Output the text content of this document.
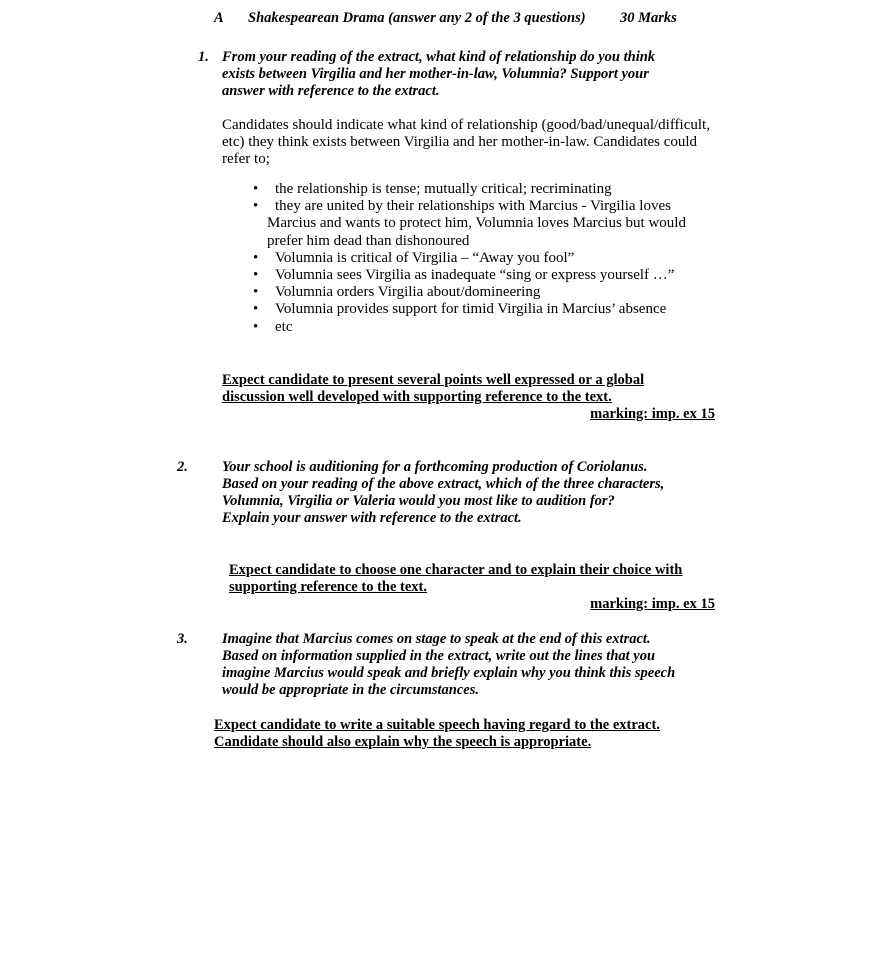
A Shakespearean Drama (answer any 2 of the 3 questions) 30 Marks
1. From your reading of the extract, what kind of relationship do you think
exists between Virgilia and her mother-in-law, Volumnia? Support your
answer with reference to the extract.
Candidates should indicate what kind of relationship (good/bad/unequal/difficult,
etc) they think exists between Virgilia and her mother-in-law. Candidates could
refer to;
• the relationship is tense; mutually critical; recriminating
• they are united by their relationships with Marcius - Virgilia loves
Marcius and wants to protect him, Volumnia loves Marcius but would
prefer him dead than dishonoured
• Volumnia is critical of Virgilia – “Away you fool”
• Volumnia sees Virgilia as inadequate “sing or express yourself …”
• Volumnia orders Virgilia about/domineering
• Volumnia provides support for timid Virgilia in Marcius’ absence
• etc
Expect candidate to present several points well expressed or a global
discussion well developed with supporting reference to the text.
marking: imp. ex 15
2. Your school is auditioning for a forthcoming production of Coriolanus.
Based on your reading of the above extract, which of the three characters,
Volumnia, Virgilia or Valeria would you most like to audition for?
Explain your answer with reference to the extract.
Expect candidate to choose one character and to explain their choice with
supporting reference to the text.
marking: imp. ex 15
3. Imagine that Marcius comes on stage to speak at the end of this extract.
Based on information supplied in the extract, write out the lines that you
imagine Marcius would speak and briefly explain why you think this speech
would be appropriate in the circumstances.
Expect candidate to write a suitable speech having regard to the extract.
Candidate should also explain why the speech is appropriate.
